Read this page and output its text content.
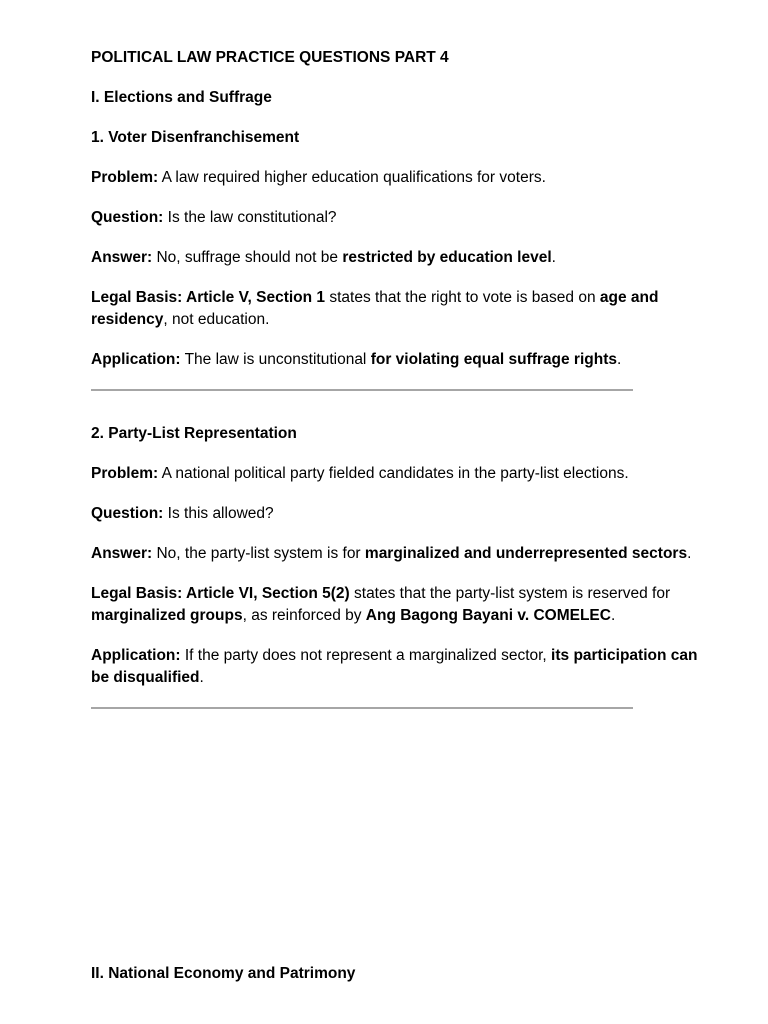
POLITICAL LAW PRACTICE QUESTIONS PART 4

I. Elections and Suffrage

1. Voter Disenfranchisement

Problem: A law required higher education qualifications for voters.

Question: Is the law constitutional?

Answer: No, suffrage should not be restricted by education level.

Legal Basis: Article V, Section 1 states that the right to vote is based on age and residency, not education.

Application: The law is unconstitutional for violating equal suffrage rights.

2. Party-List Representation

Problem: A national political party fielded candidates in the party-list elections.

Question: Is this allowed?

Answer: No, the party-list system is for marginalized and underrepresented sectors.

Legal Basis: Article VI, Section 5(2) states that the party-list system is reserved for marginalized groups, as reinforced by Ang Bagong Bayani v. COMELEC.

Application: If the party does not represent a marginalized sector, its participation can be disqualified.

II. National Economy and Patrimony
